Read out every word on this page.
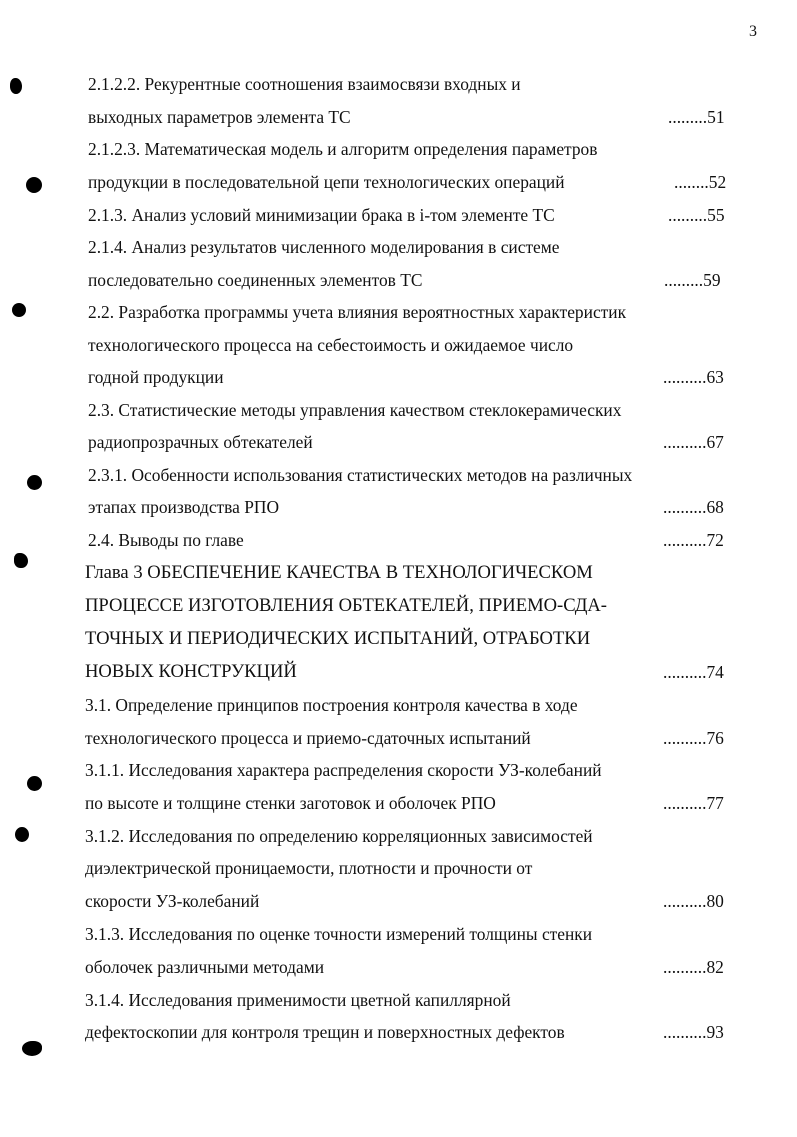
3
2.1.2.2. Рекурентные соотношения взаимосвязи входных и
выходных параметров элемента ТС	.........51
2.1.2.3. Математическая модель и алгоритм определения параметров
продукции в последовательной цепи технологических операций	........52
2.1.3. Анализ условий минимизации брака в i-том элементе ТС	.........55
2.1.4. Анализ результатов численного моделирования в системе
последовательно соединенных элементов ТС	.........59
2.2. Разработка программы учета влияния вероятностных характеристик
технологического процесса на себестоимость и ожидаемое число
годной продукции	..........63
2.3. Статистические методы управления качеством стеклокерамических
радиопрозрачных обтекателей	..........67
2.3.1. Особенности использования статистических методов на различных
этапах производства РПО	..........68
2.4. Выводы по главе	..........72
Глава 3 ОБЕСПЕЧЕНИЕ КАЧЕСТВА В ТЕХНОЛОГИЧЕСКОМ
ПРОЦЕССЕ ИЗГОТОВЛЕНИЯ ОБТЕКАТЕЛЕЙ, ПРИЕМО-СДА-
ТОЧНЫХ И ПЕРИОДИЧЕСКИХ ИСПЫТАНИЙ, ОТРАБОТКИ
НОВЫХ КОНСТРУКЦИЙ	..........74
3.1. Определение принципов построения контроля качества в ходе
технологического процесса и приемо-сдаточных испытаний	..........76
3.1.1. Исследования характера распределения скорости УЗ-колебаний
по высоте и толщине стенки заготовок и оболочек РПО	..........77
3.1.2. Исследования по определению корреляционных зависимостей
диэлектрической проницаемости, плотности и прочности от
скорости УЗ-колебаний	..........80
3.1.3. Исследования по оценке точности измерений толщины стенки
оболочек различными методами	..........82
3.1.4. Исследования применимости цветной капиллярной
дефектоскопии для контроля трещин и поверхностных дефектов	..........93
